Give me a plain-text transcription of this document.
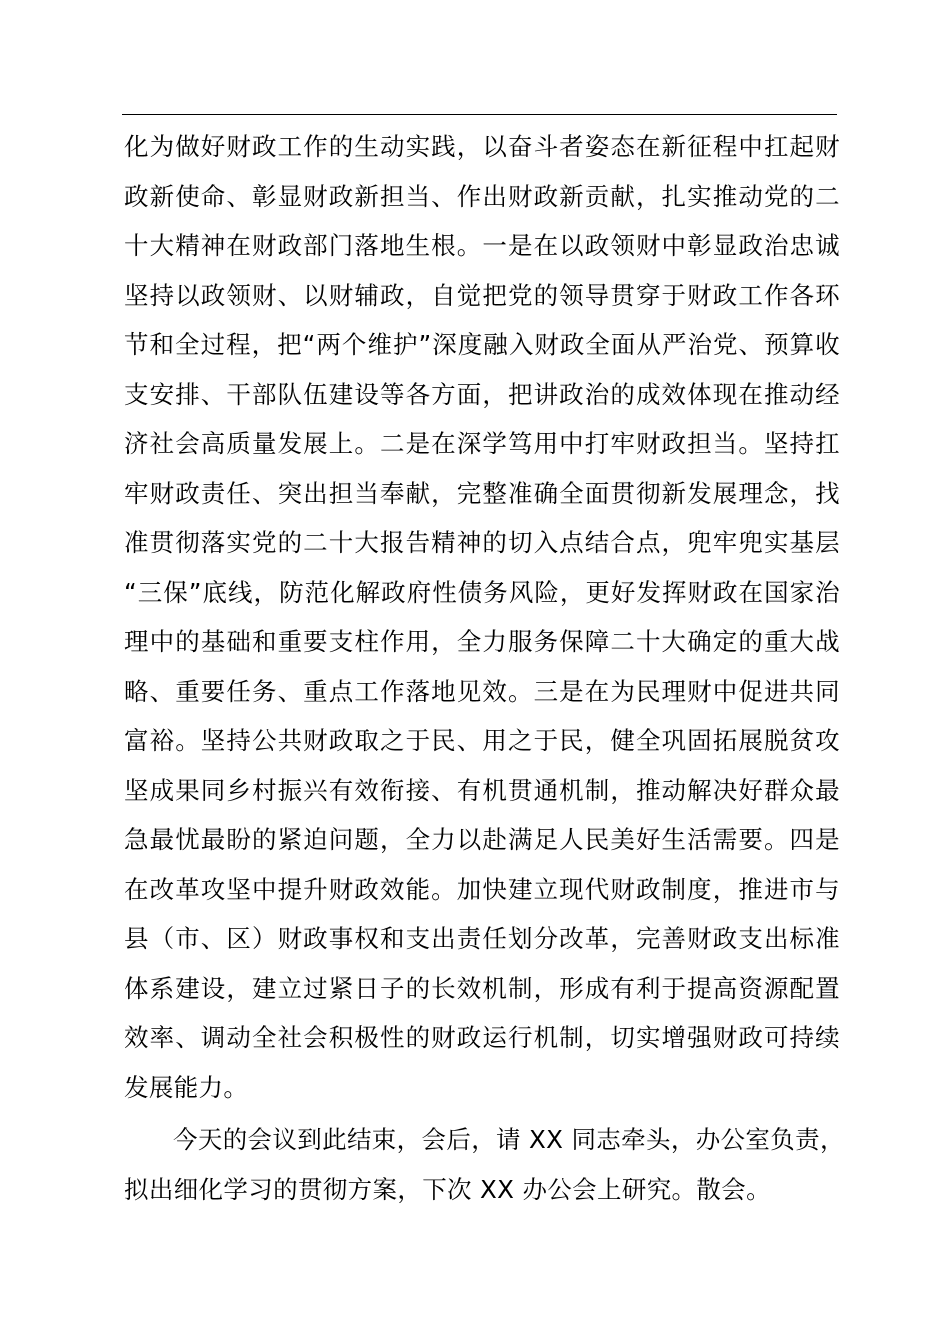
化为做好财政工作的生动实践，以奋斗者姿态在新征程中扛起财
政新使命、彰显财政新担当、作出财政新贡献，扎实推动党的二
十大精神在财政部门落地生根。一是在以政领财中彰显政治忠诚
坚持以政领财、以财辅政，自觉把党的领导贯穿于财政工作各环
节和全过程，把“两个维护”深度融入财政全面从严治党、预算收
支安排、干部队伍建设等各方面，把讲政治的成效体现在推动经
济社会高质量发展上。二是在深学笃用中打牢财政担当。坚持扛
牢财政责任、突出担当奉献，完整准确全面贯彻新发展理念，找
准贯彻落实党的二十大报告精神的切入点结合点，兜牢兜实基层
“三保”底线，防范化解政府性债务风险，更好发挥财政在国家治
理中的基础和重要支柱作用，全力服务保障二十大确定的重大战
略、重要任务、重点工作落地见效。三是在为民理财中促进共同
富裕。坚持公共财政取之于民、用之于民，健全巩固拓展脱贫攻
坚成果同乡村振兴有效衔接、有机贯通机制，推动解决好群众最
急最忧最盼的紧迫问题，全力以赴满足人民美好生活需要。四是
在改革攻坚中提升财政效能。加快建立现代财政制度，推进市与
县（市、区）财政事权和支出责任划分改革，完善财政支出标准
体系建设，建立过紧日子的长效机制，形成有利于提高资源配置
效率、调动全社会积极性的财政运行机制，切实增强财政可持续
发展能力。
今天的会议到此结束，会后，请 XX 同志牵头，办公室负责，
拟出细化学习的贯彻方案，下次 XX 办公会上研究。散会。
